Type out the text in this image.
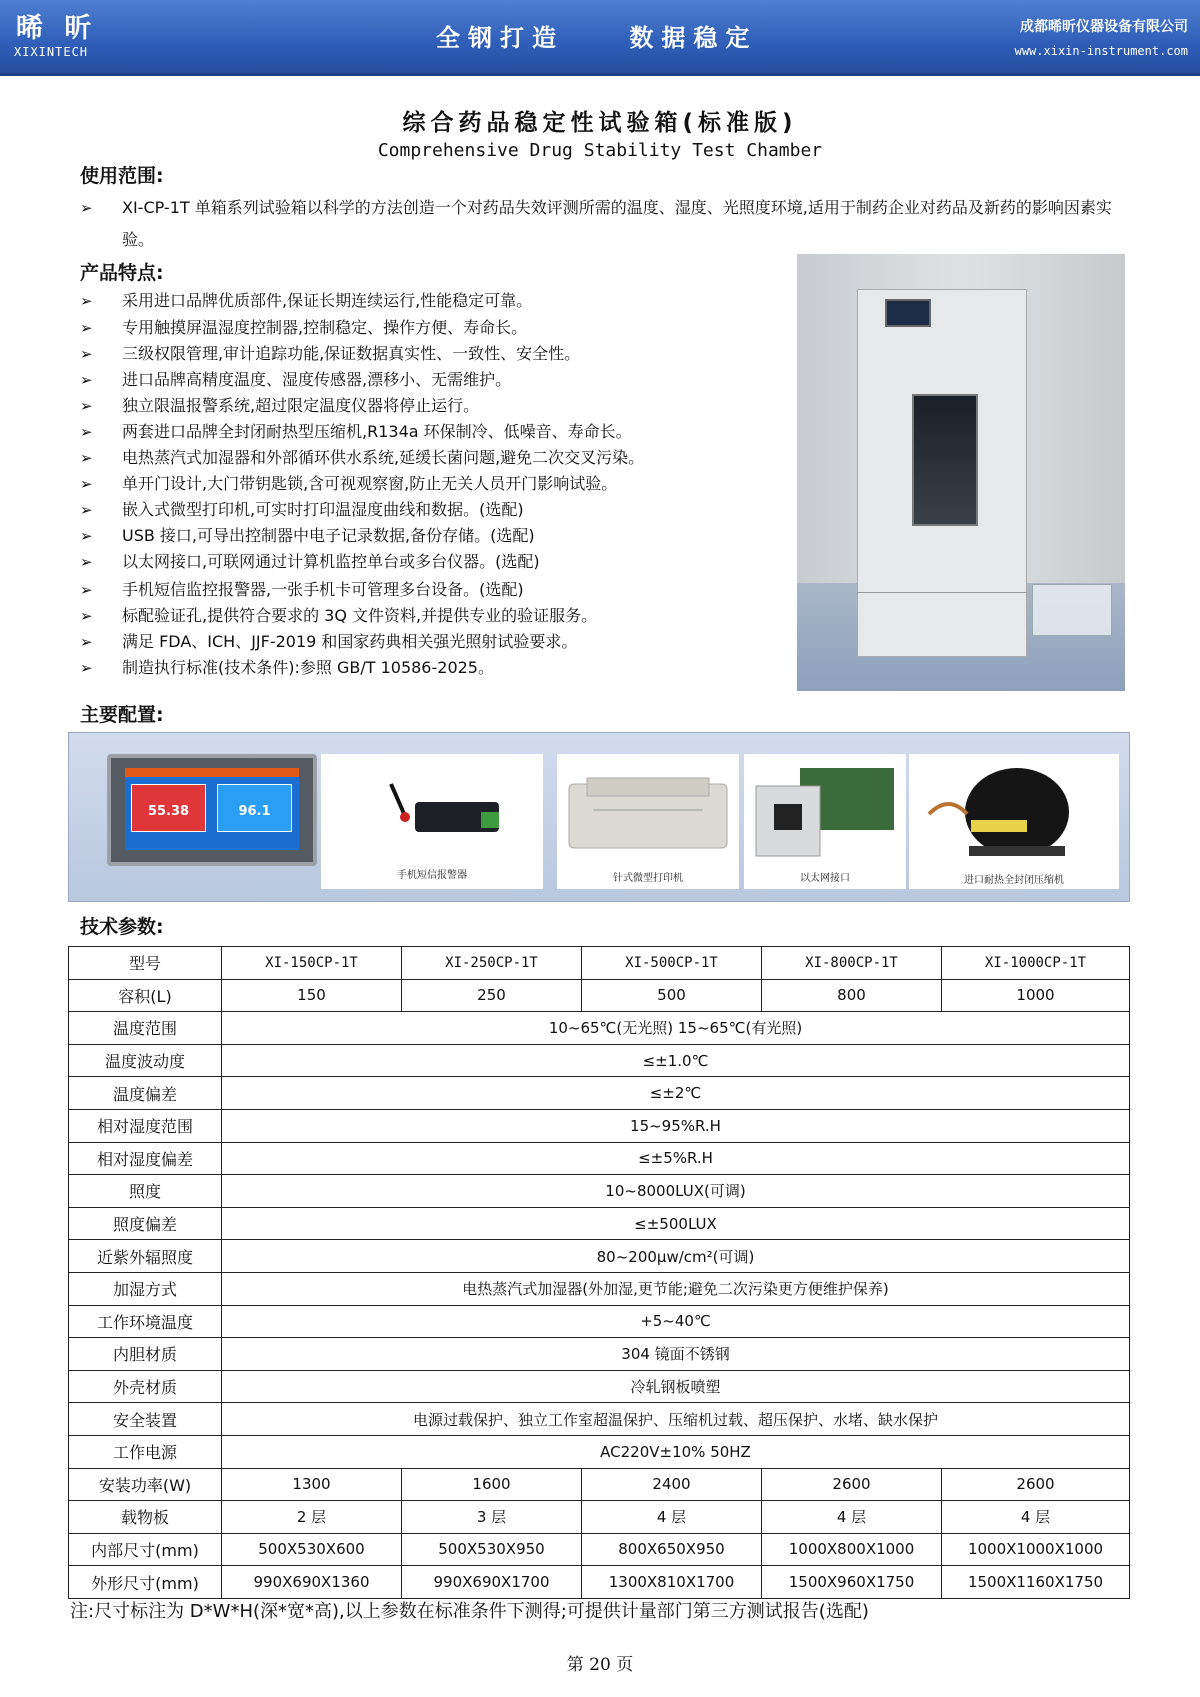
晞 昕
XIXINTECH	全钢打造    数据稳定	成都晞昕仪器设备有限公司
www.xixin-instrument.com
综合药品稳定性试验箱(标准版)
Comprehensive Drug Stability Test Chamber
使用范围:
➢	XI-CP-1T 单箱系列试验箱以科学的方法创造一个对药品失效评测所需的温度、湿度、光照度环境,适用于制药企业对药品及新药的影响因素实验。
产品特点:
➢	采用进口品牌优质部件,保证长期连续运行,性能稳定可靠。
➢	专用触摸屏温湿度控制器,控制稳定、操作方便、寿命长。
➢	三级权限管理,审计追踪功能,保证数据真实性、一致性、安全性。
➢	进口品牌高精度温度、湿度传感器,漂移小、无需维护。
➢	独立限温报警系统,超过限定温度仪器将停止运行。
➢	两套进口品牌全封闭耐热型压缩机,R134a 环保制冷、低噪音、寿命长。
➢	电热蒸汽式加湿器和外部循环供水系统,延缓长菌问题,避免二次交叉污染。
➢	单开门设计,大门带钥匙锁,含可视观察窗,防止无关人员开门影响试验。
➢	嵌入式微型打印机,可实时打印温湿度曲线和数据。(选配)
➢	USB 接口,可导出控制器中电子记录数据,备份存储。(选配)
➢	以太网接口,可联网通过计算机监控单台或多台仪器。(选配)
➢	手机短信监控报警器,一张手机卡可管理多台设备。(选配)
➢	标配验证孔,提供符合要求的 3Q 文件资料,并提供专业的验证服务。
➢	满足 FDA、ICH、JJF-2019 和国家药典相关强光照射试验要求。
➢	制造执行标准(技术条件):参照 GB/T 10586-2025。
主要配置:
55.38	96.1
手机短信报警器	针式微型打印机	以太网接口	进口耐热全封闭压缩机
技术参数:
型号	XI-150CP-1T	XI-250CP-1T	XI-500CP-1T	XI-800CP-1T	XI-1000CP-1T
容积(L)	150	250	500	800	1000
温度范围	10~65℃(无光照) 15~65℃(有光照)				
温度波动度	≤±1.0℃				
温度偏差	≤±2℃				
相对湿度范围	15~95%R.H				
相对湿度偏差	≤±5%R.H				
照度	10~8000LUX(可调)				
照度偏差	≤±500LUX				
近紫外辐照度	80~200μw/cm²(可调)				
加湿方式	电热蒸汽式加湿器(外加湿,更节能;避免二次污染更方便维护保养)				
工作环境温度	+5~40℃				
内胆材质	304 镜面不锈钢				
外壳材质	冷轧钢板喷塑				
安全装置	电源过载保护、独立工作室超温保护、压缩机过载、超压保护、水堵、缺水保护				
工作电源	AC220V±10% 50HZ				
安装功率(W)	1300	1600	2400	2600	2600
载物板	2 层	3 层	4 层	4 层	4 层
内部尺寸(mm)	500X530X600	500X530X950	800X650X950	1000X800X1000	1000X1000X1000
外形尺寸(mm)	990X690X1360	990X690X1700	1300X810X1700	1500X960X1750	1500X1160X1750
注:尺寸标注为 D*W*H(深*宽*高),以上参数在标准条件下测得;可提供计量部门第三方测试报告(选配)
第 20 页
